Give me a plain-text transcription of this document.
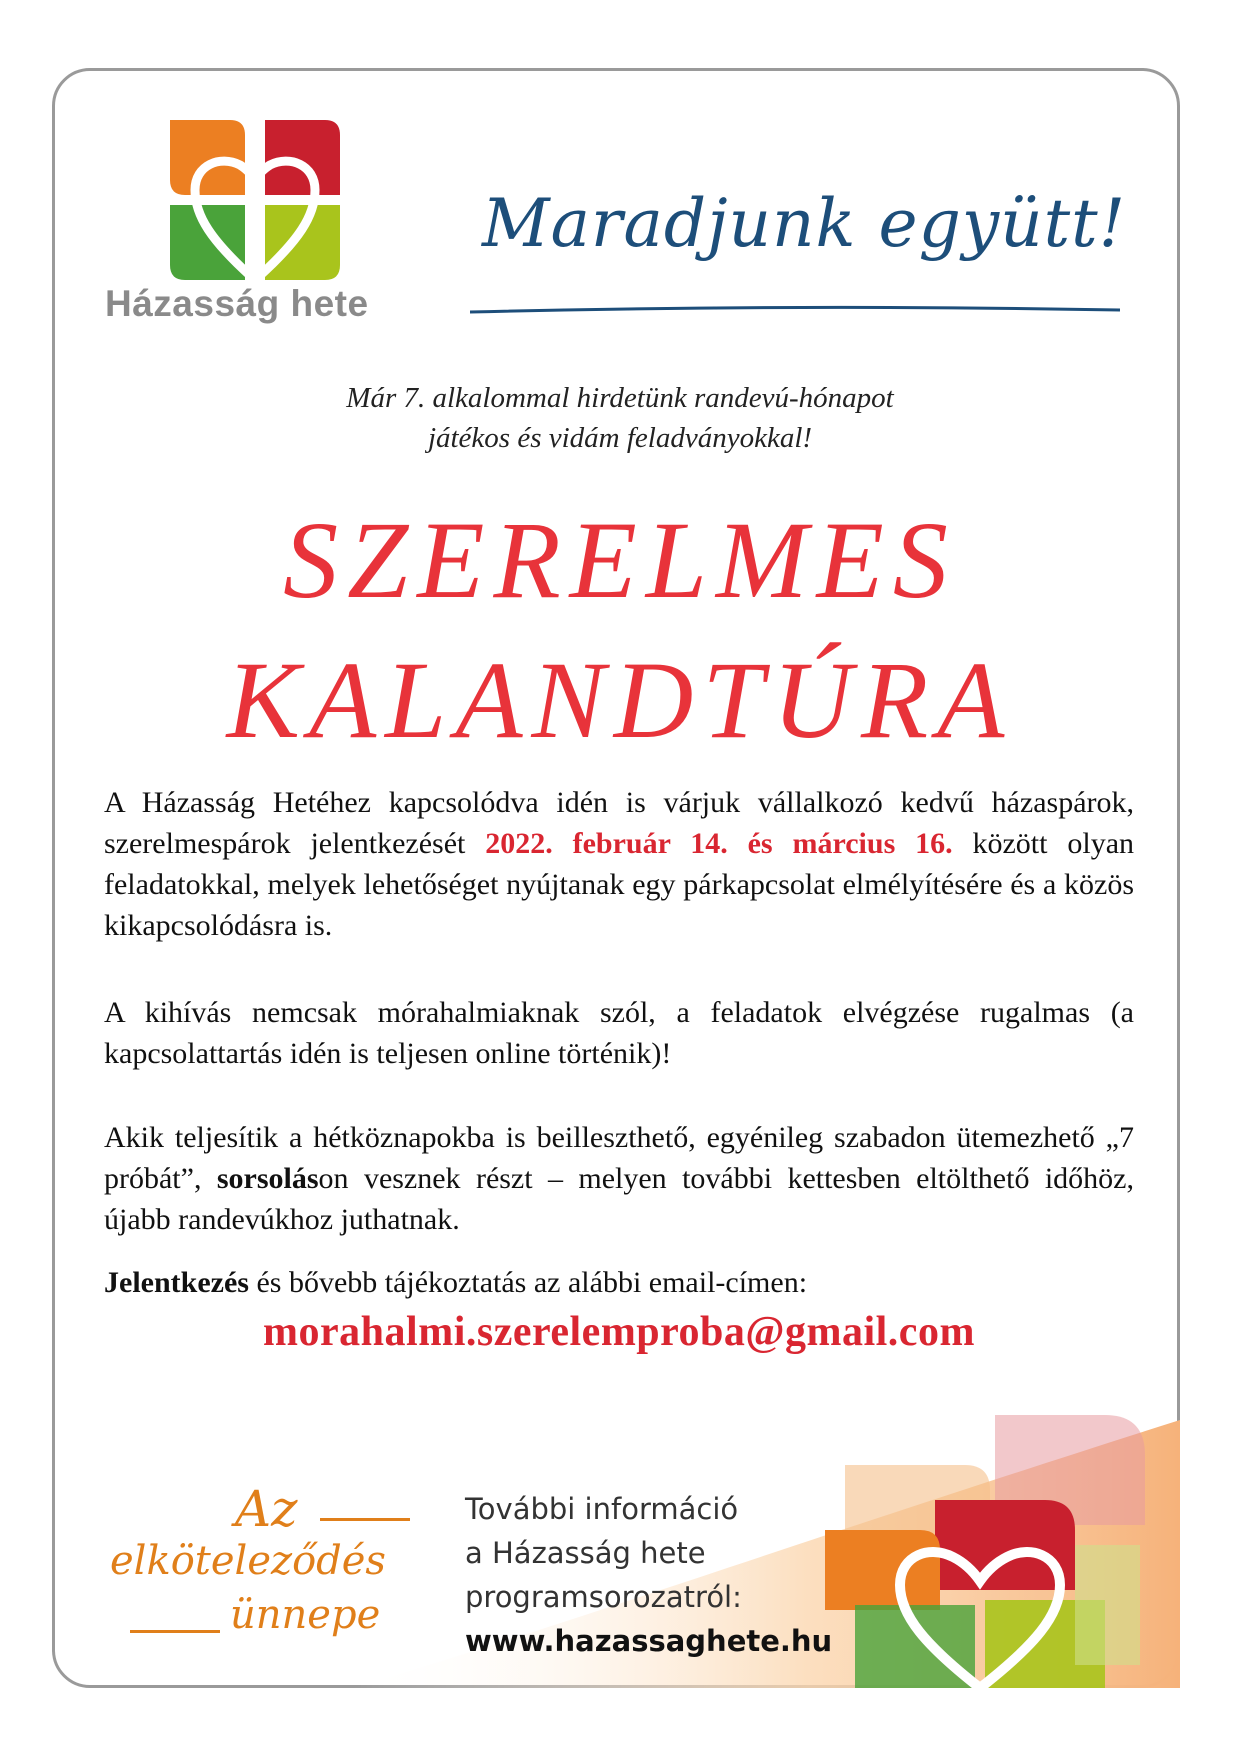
Házasság hete
Maradjunk együtt!
Már 7. alkalommal hirdetünk randevú-hónapot
játékos és vidám feladványokkal!
SZERELMES
KALANDTÚRA
A Házasság Hetéhez kapcsolódva idén is várjuk vállalkozó kedvű házaspárok, szerelmespárok jelentkezését 2022. február 14. és március 16. között olyan feladatokkal, melyek lehetőséget nyújtanak egy párkapcsolat elmélyítésére és a közös kikapcsolódásra is.
A kihívás nemcsak mórahalmiaknak szól, a feladatok elvégzése rugalmas (a kapcsolattartás idén is teljesen online történik)!
Akik teljesítik a hétköznapokba is beilleszthető, egyénileg szabadon ütemezhető „7 próbát”, sorsoláson vesznek részt – melyen további kettesben eltölthető időhöz, újabb randevúkhoz juthatnak.
Jelentkezés és bővebb tájékoztatás az alábbi email-címen:
morahalmi.szerelemproba@gmail.com
Az
elköteleződés
ünnepe
További információ
a Házasság hete
programsorozatról:
www.hazassaghete.hu
